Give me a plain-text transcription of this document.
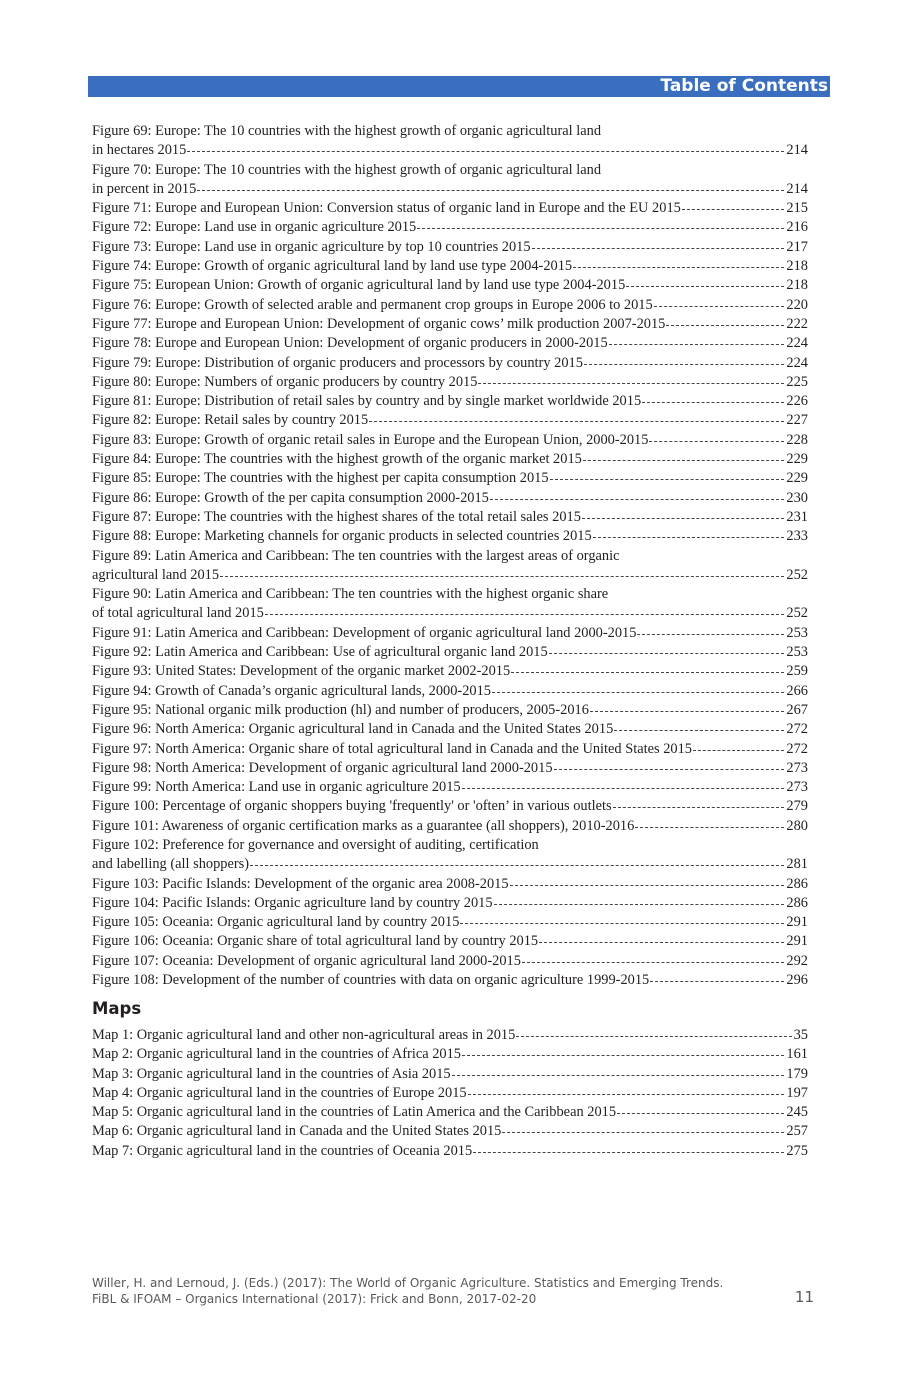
Table of Contents
Figure 69: Europe: The 10 countries with the highest growth of organic agricultural land
in hectares 2015	214
Figure 70: Europe: The 10 countries with the highest growth of organic agricultural land
in percent in 2015	214
Figure 71: Europe and European Union: Conversion status of organic land in Europe and the EU 2015	215
Figure 72: Europe: Land use in organic agriculture 2015	216
Figure 73: Europe: Land use in organic agriculture by top 10 countries 2015	217
Figure 74: Europe: Growth of organic agricultural land by land use type 2004-2015	218
Figure 75: European Union: Growth of organic agricultural land by land use type 2004-2015	218
Figure 76: Europe: Growth of selected arable and permanent crop groups in Europe 2006 to 2015	220
Figure 77: Europe and European Union: Development of organic cows’ milk production 2007-2015	222
Figure 78: Europe and European Union: Development of organic producers in 2000-2015	224
Figure 79: Europe: Distribution of organic producers and processors by country 2015	224
Figure 80: Europe: Numbers of organic producers by country 2015	225
Figure 81: Europe: Distribution of retail sales by country and by single market worldwide 2015	226
Figure 82: Europe: Retail sales by country 2015	227
Figure 83: Europe: Growth of organic retail sales in Europe and the European Union, 2000-2015	228
Figure 84: Europe: The countries with the highest growth of the organic market 2015	229
Figure 85: Europe: The countries with the highest per capita consumption 2015	229
Figure 86: Europe: Growth of the per capita consumption 2000-2015	230
Figure 87: Europe: The countries with the highest shares of the total retail sales 2015	231
Figure 88: Europe: Marketing channels for organic products in selected countries 2015	233
Figure 89: Latin America and Caribbean: The ten countries with the largest areas of organic
agricultural land 2015	252
Figure 90: Latin America and Caribbean: The ten countries with the highest organic share
of total agricultural land 2015	252
Figure 91: Latin America and Caribbean: Development of organic agricultural land 2000-2015	253
Figure 92: Latin America and Caribbean: Use of agricultural organic land 2015	253
Figure 93: United States: Development of the organic market 2002-2015	259
Figure 94: Growth of Canada’s organic agricultural lands, 2000-2015	266
Figure 95: National organic milk production (hl) and number of producers, 2005-2016	267
Figure 96: North America: Organic agricultural land in Canada and the United States 2015	272
Figure 97: North America: Organic share of total agricultural land in Canada and the United States 2015	272
Figure 98: North America: Development of organic agricultural land 2000-2015	273
Figure 99: North America: Land use in organic agriculture 2015	273
Figure 100: Percentage of organic shoppers buying 'frequently' or 'often’ in various outlets	279
Figure 101: Awareness of organic certification marks as a guarantee (all shoppers), 2010-2016	280
Figure 102: Preference for governance and oversight of auditing, certification
and labelling (all shoppers)	281
Figure 103: Pacific Islands: Development of the organic area 2008-2015	286
Figure 104: Pacific Islands: Organic agriculture land by country 2015	286
Figure 105: Oceania: Organic agricultural land by country 2015	291
Figure 106: Oceania: Organic share of total agricultural land by country 2015	291
Figure 107: Oceania: Development of organic agricultural land 2000-2015	292
Figure 108: Development of the number of countries with data on organic agriculture 1999-2015	296
Maps
Map 1: Organic agricultural land and other non-agricultural areas in 2015	35
Map 2: Organic agricultural land in the countries of Africa 2015	161
Map 3: Organic agricultural land in the countries of Asia 2015	179
Map 4: Organic agricultural land in the countries of Europe 2015	197
Map 5: Organic agricultural land in the countries of Latin America and the Caribbean 2015	245
Map 6: Organic agricultural land in Canada and the United States 2015	257
Map 7: Organic agricultural land in the countries of Oceania 2015	275
Willer, H. and Lernoud, J. (Eds.) (2017): The World of Organic Agriculture. Statistics and Emerging Trends.
FiBL & IFOAM – Organics International (2017): Frick and Bonn, 2017-02-20	11
